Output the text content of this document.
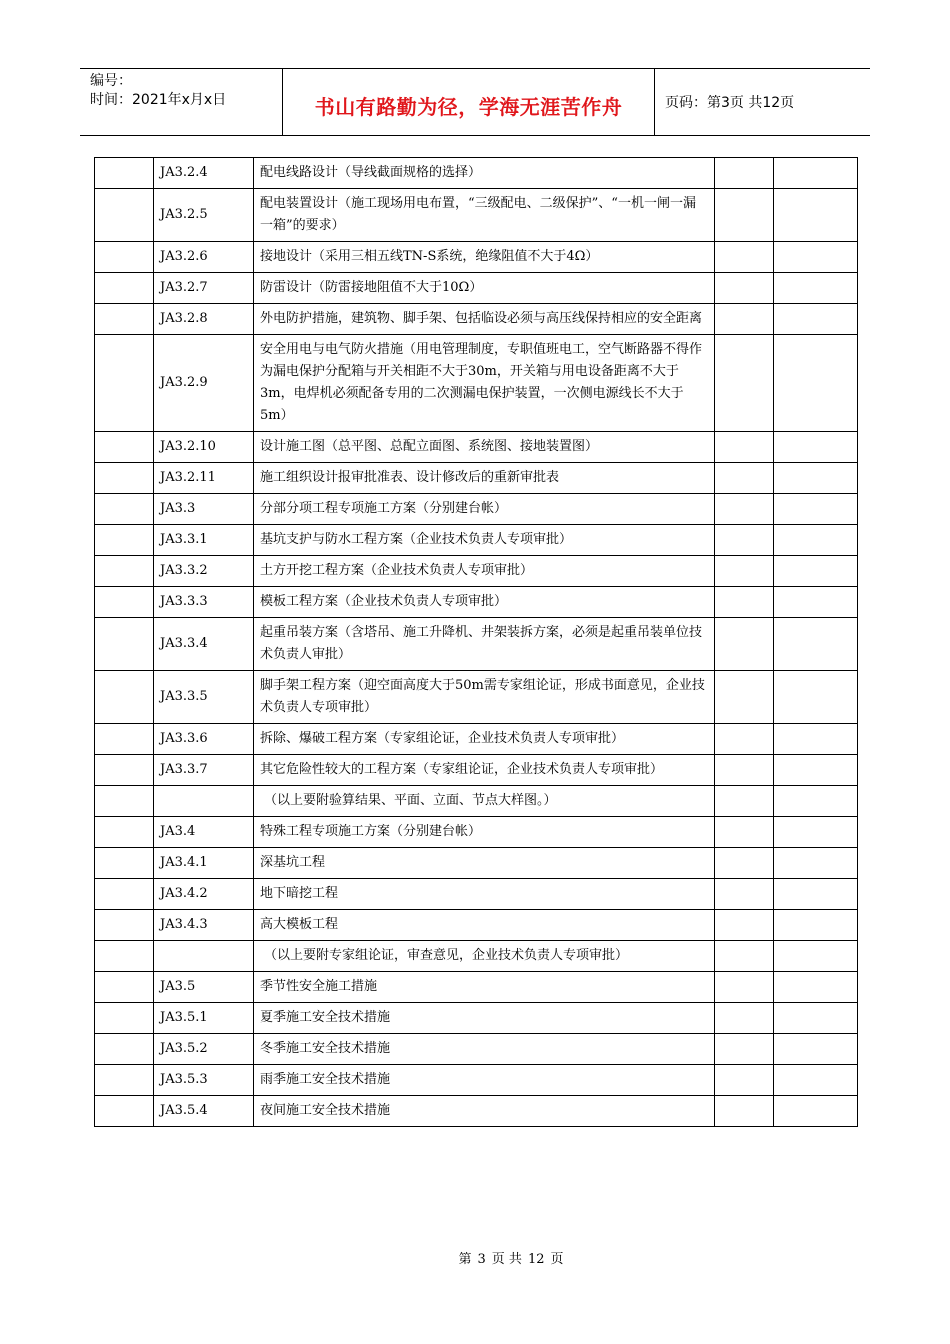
编号：
时间：2021年x月x日	书山有路勤为径，学海无涯苦作舟	页码：第3页 共12页
	JA3.2.4	配电线路设计（导线截面规格的选择）		
	JA3.2.5	配电装置设计（施工现场用电布置，“三级配电、二级保护”、“一机一闸一漏一箱”的要求）		
	JA3.2.6	接地设计（采用三相五线TN-S系统，绝缘阻值不大于4Ω）		
	JA3.2.7	防雷设计（防雷接地阻值不大于10Ω）		
	JA3.2.8	外电防护措施，建筑物、脚手架、包括临设必须与高压线保持相应的安全距离		
	JA3.2.9	安全用电与电气防火措施（用电管理制度，专职值班电工，空气断路器不得作为漏电保护分配箱与开关相距不大于30m，开关箱与用电设备距离不大于3m，电焊机必须配备专用的二次测漏电保护装置，一次侧电源线长不大于5m）		
	JA3.2.10	设计施工图（总平图、总配立面图、系统图、接地装置图）		
	JA3.2.11	施工组织设计报审批准表、设计修改后的重新审批表		
	JA3.3	分部分项工程专项施工方案（分别建台帐）		
	JA3.3.1	基坑支护与防水工程方案（企业技术负责人专项审批）		
	JA3.3.2	土方开挖工程方案（企业技术负责人专项审批）		
	JA3.3.3	模板工程方案（企业技术负责人专项审批）		
	JA3.3.4	起重吊装方案（含塔吊、施工升降机、井架装拆方案，必须是起重吊装单位技术负责人审批）		
	JA3.3.5	脚手架工程方案（迎空面高度大于50m需专家组论证，形成书面意见，企业技术负责人专项审批）		
	JA3.3.6	拆除、爆破工程方案（专家组论证，企业技术负责人专项审批）		
	JA3.3.7	其它危险性较大的工程方案（专家组论证，企业技术负责人专项审批）		
		（以上要附验算结果、平面、立面、节点大样图。）		
	JA3.4	特殊工程专项施工方案（分别建台帐）		
	JA3.4.1	深基坑工程		
	JA3.4.2	地下暗挖工程		
	JA3.4.3	高大模板工程		
		（以上要附专家组论证，审查意见，企业技术负责人专项审批）		
	JA3.5	季节性安全施工措施		
	JA3.5.1	夏季施工安全技术措施		
	JA3.5.2	冬季施工安全技术措施		
	JA3.5.3	雨季施工安全技术措施		
	JA3.5.4	夜间施工安全技术措施		
第 3 页 共 12 页
